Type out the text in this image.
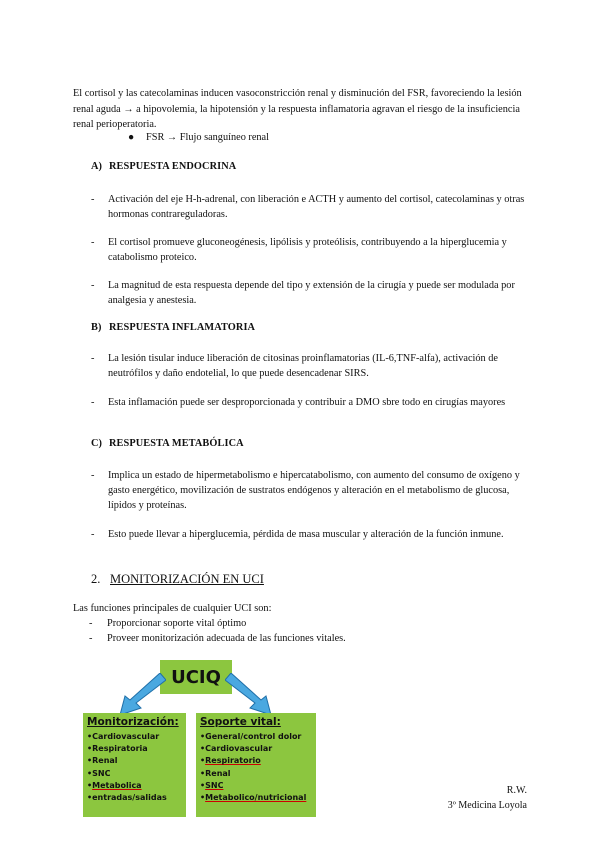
El cortisol y las catecolaminas inducen vasoconstricción renal y disminución del FSR, favoreciendo la lesión renal aguda → a hipovolemia, la hipotensión y la respuesta inflamatoria agravan el riesgo de la insuficiencia renal perioperatoria.
● FSR → Flujo sanguíneo renal
A) RESPUESTA ENDOCRINA
- Activación del eje H-h-adrenal, con liberación e ACTH y aumento del cortisol, catecolaminas y otras hormonas contrareguladoras.
- El cortisol promueve gluconeogénesis, lipólisis y proteólisis, contribuyendo a la hiperglucemia y catabolismo proteico.
- La magnitud de esta respuesta depende del tipo y extensión de la cirugía y puede ser modulada por analgesia y anestesia.
B) RESPUESTA INFLAMATORIA
- La lesión tisular induce liberación de citosinas proinflamatorias (IL-6,TNF-alfa), activación de neutrófilos y daño endotelial, lo que puede desencadenar SIRS.
- Esta inflamación puede ser desproporcionada y contribuir a DMO sbre todo en cirugías mayores
C) RESPUESTA METABÓLICA
- Implica un estado de hipermetabolismo e hipercatabolismo, con aumento del consumo de oxígeno y gasto energético, movilización de sustratos endógenos y alteración en el metabolismo de glucosa, lípidos y proteínas.
- Esto puede llevar a hiperglucemia, pérdida de masa muscular y alteración de la función inmune.
2. MONITORIZACIÓN EN UCI
Las funciones principales de cualquier UCI son:
- Proporcionar soporte vital óptimo
- Proveer monitorización adecuada de las funciones vitales.
UCIQ
Monitorización:
•Cardiovascular
•Respiratoria
•Renal
•SNC
•Metabolica
•entradas/salidas
Soporte vital:
•General/control dolor
•Cardiovascular
•Respiratorio
•Renal
•SNC
•Metabolico/nutricional
R.W.
3º Medicina Loyola
